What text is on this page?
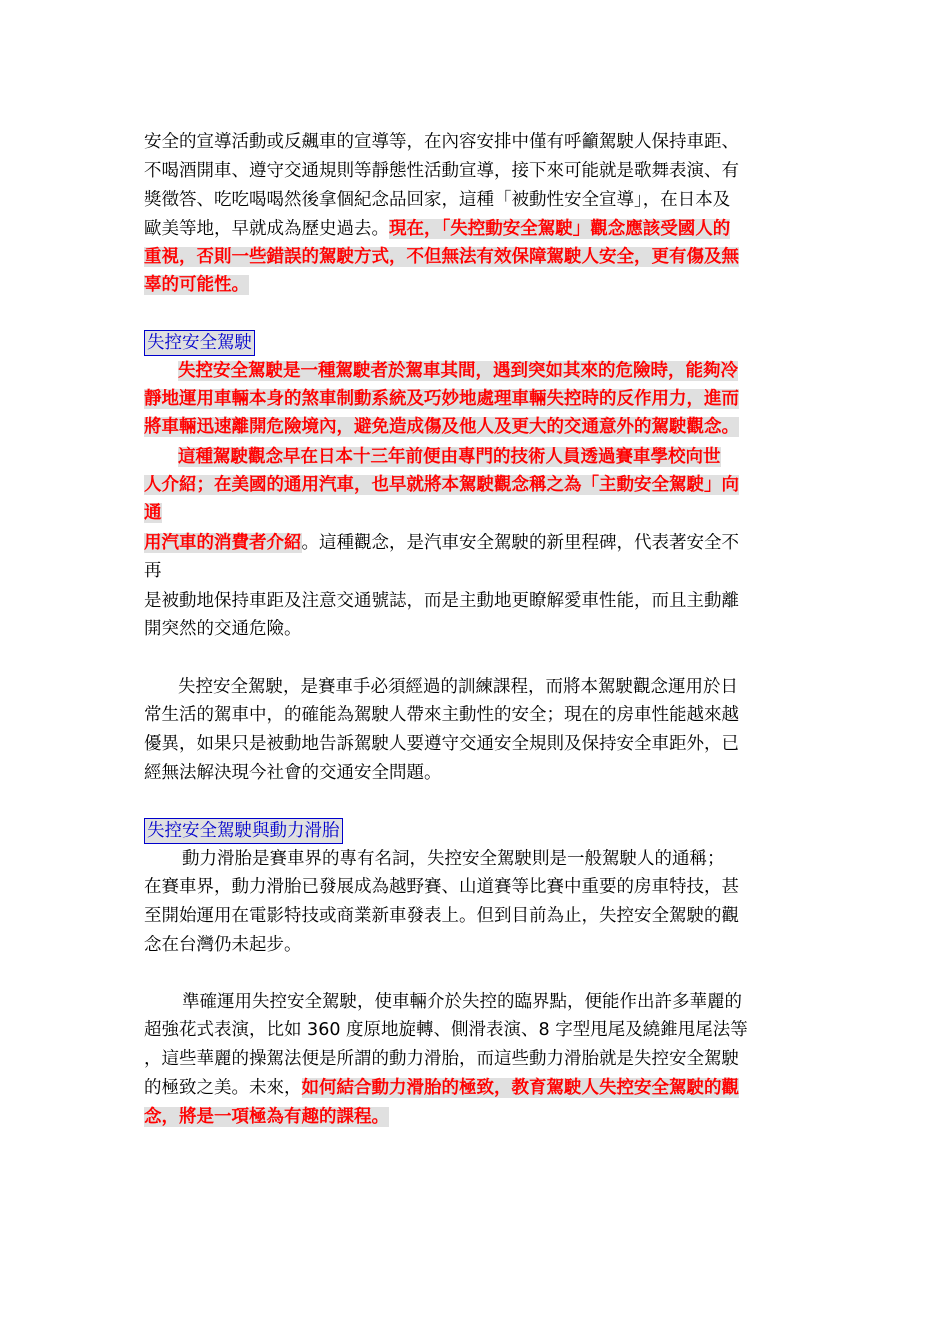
安全的宣導活動或反飆車的宣導等，在內容安排中僅有呼籲駕駛人保持車距、
不喝酒開車、遵守交通規則等靜態性活動宣導，接下來可能就是歌舞表演、有
獎徵答、吃吃喝喝然後拿個紀念品回家，這種「被動性安全宣導」，在日本及
歐美等地，早就成為歷史過去。現在，「失控動安全駕駛」觀念應該受國人的
重視，否則一些錯誤的駕駛方式，不但無法有效保障駕駛人安全，更有傷及無
辜的可能性。
失控安全駕駛
失控安全駕駛是一種駕駛者於駕車其間，遇到突如其來的危險時，能夠冷
靜地運用車輛本身的煞車制動系統及巧妙地處理車輛失控時的反作用力，進而
將車輛迅速離開危險境內，避免造成傷及他人及更大的交通意外的駕駛觀念。
這種駕駛觀念早在日本十三年前便由專門的技術人員透過賽車學校向世
人介紹；在美國的通用汽車，也早就將本駕駛觀念稱之為「主動安全駕駛」向
通
用汽車的消費者介紹。這種觀念，是汽車安全駕駛的新里程碑，代表著安全不
再
是被動地保持車距及注意交通號誌，而是主動地更瞭解愛車性能，而且主動離
開突然的交通危險。
失控安全駕駛，是賽車手必須經過的訓練課程，而將本駕駛觀念運用於日
常生活的駕車中，的確能為駕駛人帶來主動性的安全；現在的房車性能越來越
優異，如果只是被動地告訴駕駛人要遵守交通安全規則及保持安全車距外，已
經無法解決現今社會的交通安全問題。
失控安全駕駛與動力滑胎
動力滑胎是賽車界的專有名詞，失控安全駕駛則是一般駕駛人的通稱；
在賽車界，動力滑胎已發展成為越野賽、山道賽等比賽中重要的房車特技，甚
至開始運用在電影特技或商業新車發表上。但到目前為止，失控安全駕駛的觀
念在台灣仍未起步。
準確運用失控安全駕駛，使車輛介於失控的臨界點，便能作出許多華麗的
超強花式表演，比如 360 度原地旋轉、側滑表演、8 字型甩尾及繞錐甩尾法等
，這些華麗的操駕法便是所謂的動力滑胎，而這些動力滑胎就是失控安全駕駛
的極致之美。未來，如何結合動力滑胎的極致，教育駕駛人失控安全駕駛的觀
念，將是一項極為有趣的課程。
